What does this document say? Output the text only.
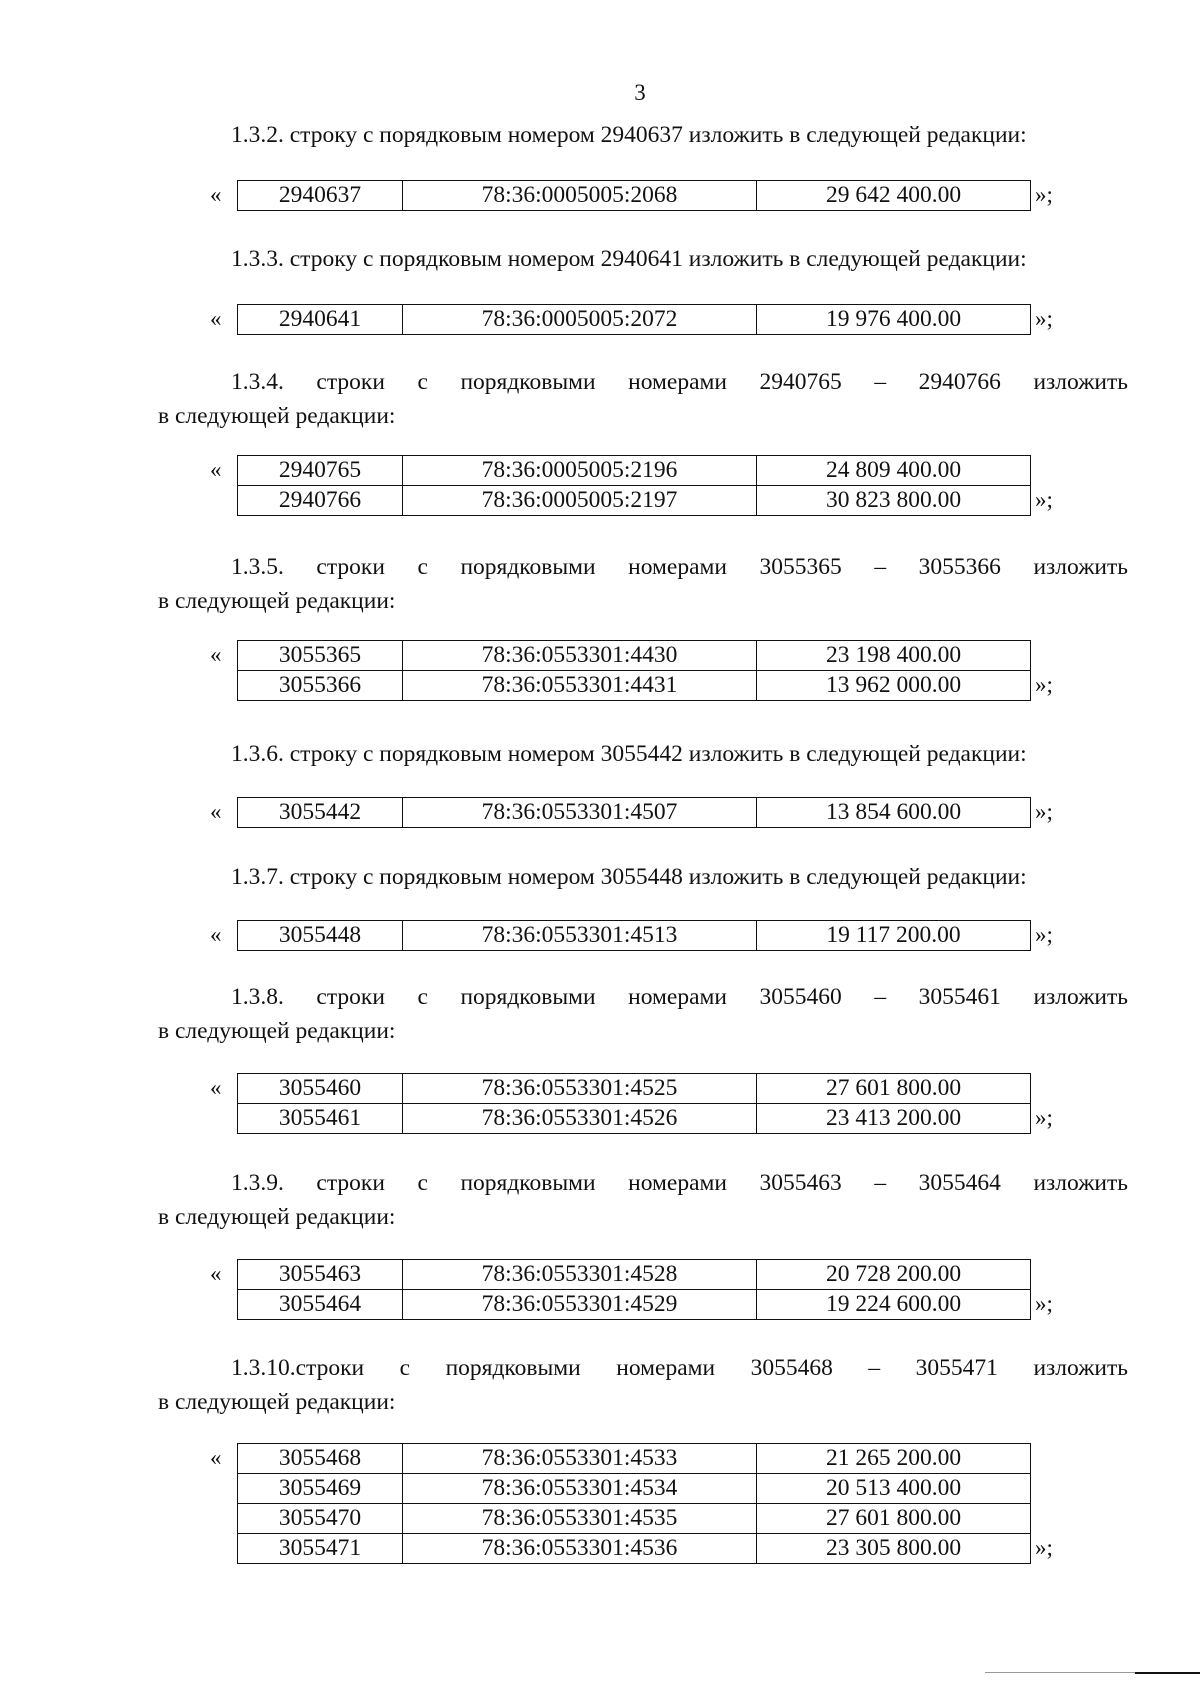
3
1.3.2. строку с порядковым номером 2940637 изложить в следующей редакции:
« 2940637	78:36:0005005:2068	29 642 400.00	»;
1.3.3. строку с порядковым номером 2940641 изложить в следующей редакции:
« 2940641	78:36:0005005:2072	19 976 400.00	»;
1.3.4. строки с порядковыми номерами 2940765 – 2940766 изложить
в следующей редакции:
« 2940765	78:36:0005005:2196	24 809 400.00
2940766	78:36:0005005:2197	30 823 800.00	»;
1.3.5. строки с порядковыми номерами 3055365 – 3055366 изложить
в следующей редакции:
« 3055365	78:36:0553301:4430	23 198 400.00
3055366	78:36:0553301:4431	13 962 000.00	»;
1.3.6. строку с порядковым номером 3055442 изложить в следующей редакции:
« 3055442	78:36:0553301:4507	13 854 600.00	»;
1.3.7. строку с порядковым номером 3055448 изложить в следующей редакции:
« 3055448	78:36:0553301:4513	19 117 200.00	»;
1.3.8. строки с порядковыми номерами 3055460 – 3055461 изложить
в следующей редакции:
« 3055460	78:36:0553301:4525	27 601 800.00
3055461	78:36:0553301:4526	23 413 200.00	»;
1.3.9. строки с порядковыми номерами 3055463 – 3055464 изложить
в следующей редакции:
« 3055463	78:36:0553301:4528	20 728 200.00
3055464	78:36:0553301:4529	19 224 600.00	»;
1.3.10.строки с порядковыми номерами 3055468 – 3055471 изложить
в следующей редакции:
« 3055468	78:36:0553301:4533	21 265 200.00
3055469	78:36:0553301:4534	20 513 400.00
3055470	78:36:0553301:4535	27 601 800.00
3055471	78:36:0553301:4536	23 305 800.00	»;
